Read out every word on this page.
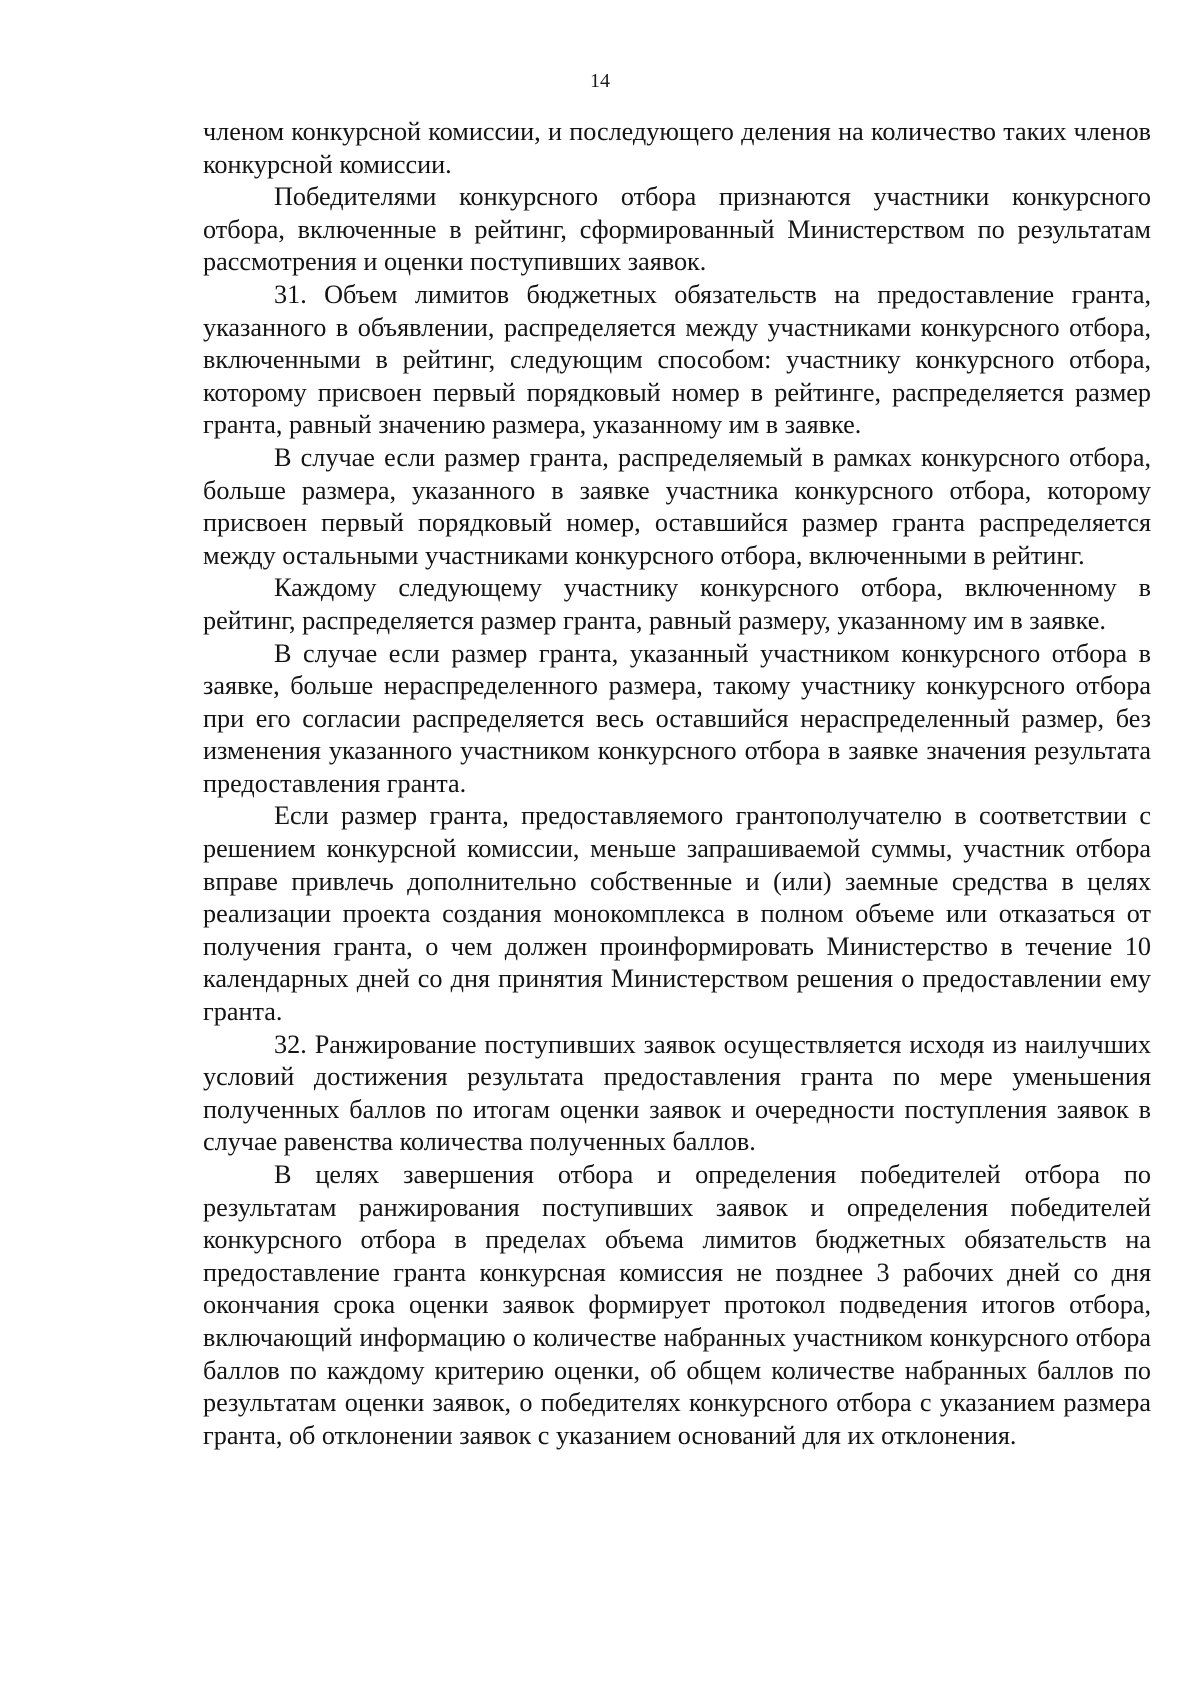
14

членом конкурсной комиссии, и последующего деления на количество таких членов конкурсной комиссии.

Победителями конкурсного отбора признаются участники конкурсного отбора, включенные в рейтинг, сформированный Министерством по результатам рассмотрения и оценки поступивших заявок.

31. Объем лимитов бюджетных обязательств на предоставление гранта, указанного в объявлении, распределяется между участниками конкурсного отбора, включенными в рейтинг, следующим способом: участнику конкурсного отбора, которому присвоен первый порядковый номер в рейтинге, распределяется размер гранта, равный значению размера, указанному им в заявке.

В случае если размер гранта, распределяемый в рамках конкурсного отбора, больше размера, указанного в заявке участника конкурсного отбора, которому присвоен первый порядковый номер, оставшийся размер гранта распределяется между остальными участниками конкурсного отбора, включенными в рейтинг.

Каждому следующему участнику конкурсного отбора, включенному в рейтинг, распределяется размер гранта, равный размеру, указанному им в заявке.

В случае если размер гранта, указанный участником конкурсного отбора в заявке, больше нераспределенного размера, такому участнику конкурсного отбора при его согласии распределяется весь оставшийся нераспределенный размер, без изменения указанного участником конкурсного отбора в заявке значения результата предоставления гранта.

Если размер гранта, предоставляемого грантополучателю в соответствии с решением конкурсной комиссии, меньше запрашиваемой суммы, участник отбора вправе привлечь дополнительно собственные и (или) заемные средства в целях реализации проекта создания монокомплекса в полном объеме или отказаться от получения гранта, о чем должен проинформировать Министерство в течение 10 календарных дней со дня принятия Министерством решения о предоставлении ему гранта.

32. Ранжирование поступивших заявок осуществляется исходя из наилучших условий достижения результата предоставления гранта по мере уменьшения полученных баллов по итогам оценки заявок и очередности поступления заявок в случае равенства количества полученных баллов.

В целях завершения отбора и определения победителей отбора по результатам ранжирования поступивших заявок и определения победителей конкурсного отбора в пределах объема лимитов бюджетных обязательств на предоставление гранта конкурсная комиссия не позднее 3 рабочих дней со дня окончания срока оценки заявок формирует протокол подведения итогов отбора, включающий информацию о количестве набранных участником конкурсного отбора баллов по каждому критерию оценки, об общем количестве набранных баллов по результатам оценки заявок, о победителях конкурсного отбора с указанием размера гранта, об отклонении заявок с указанием оснований для их отклонения.
